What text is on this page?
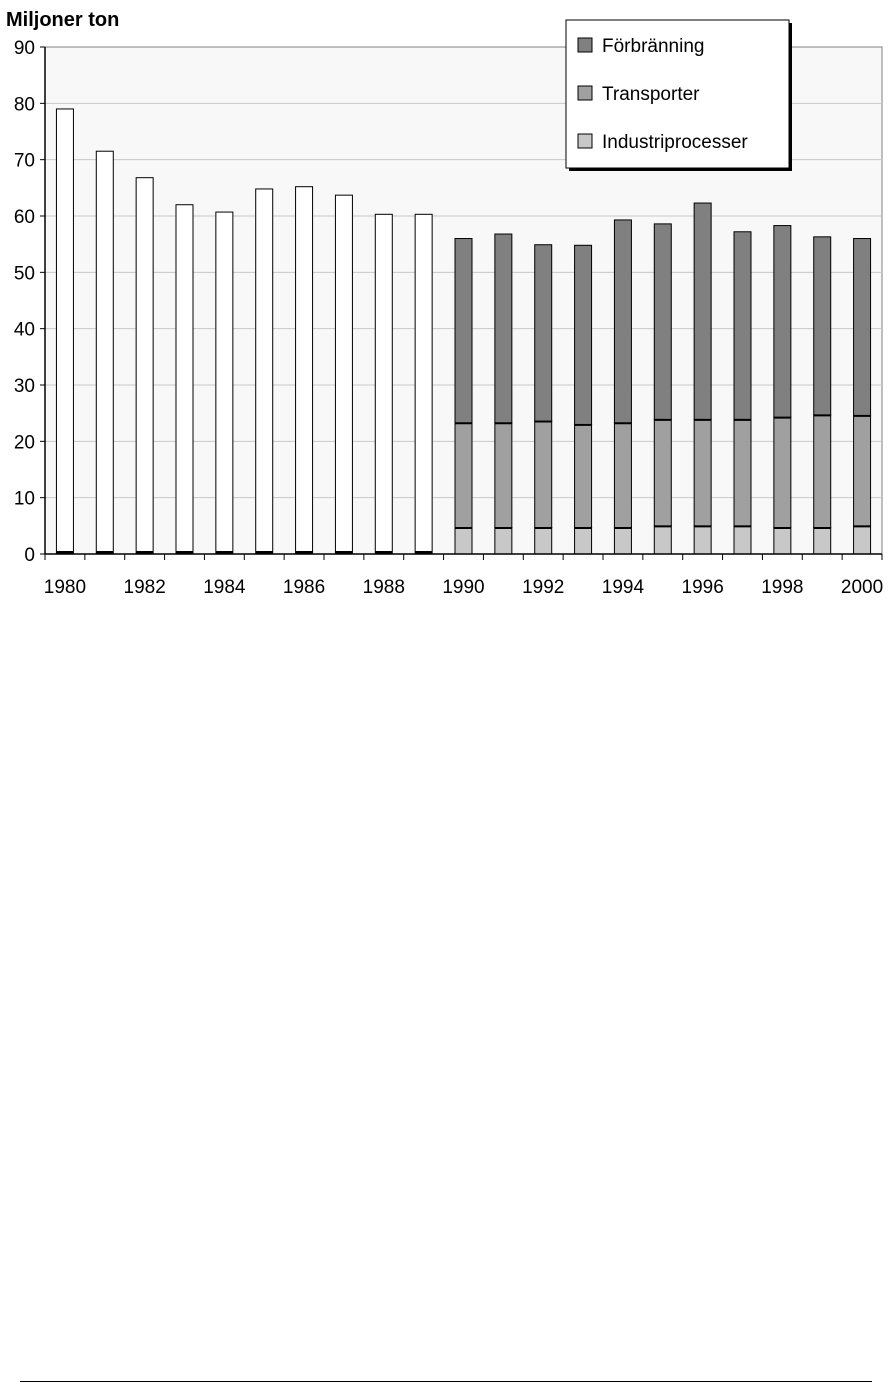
Miljoner ton
0
10
20
30
40
50
60
70
80
90
1980 1982 1984 1986 1988 1990 1992 1994 1996 1998 2000
Förbränning
Transporter
Industriprocesser
